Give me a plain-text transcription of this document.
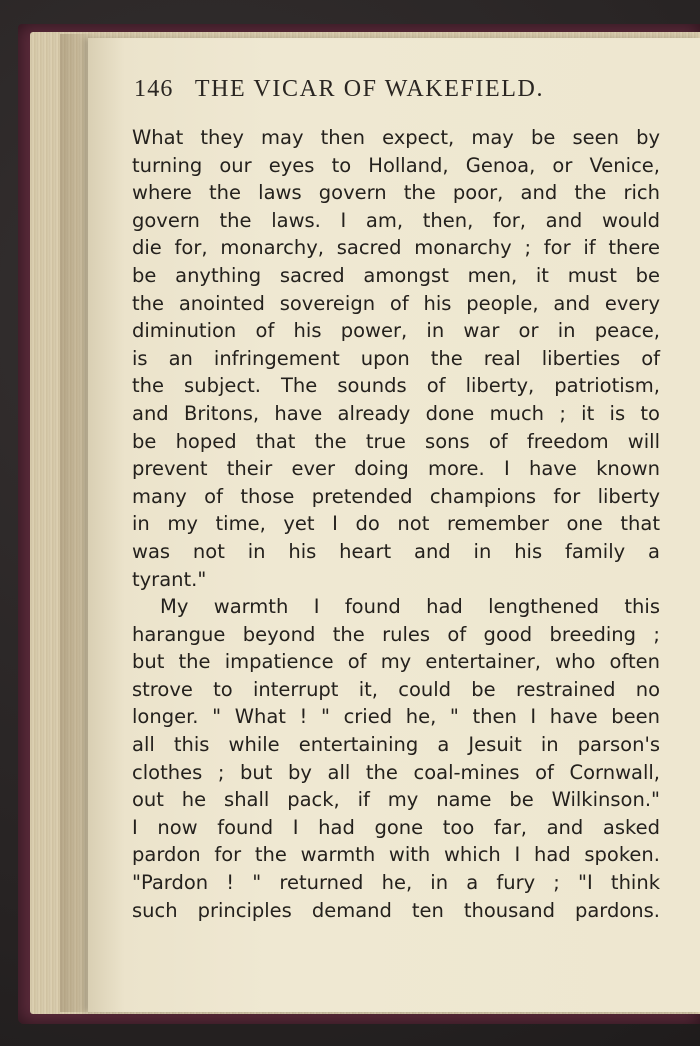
146 THE VICAR OF WAKEFIELD.
What they may then expect, may be seen by
turning our eyes to Holland, Genoa, or Venice,
where the laws govern the poor, and the rich
govern the laws. I am, then, for, and would
die for, monarchy, sacred monarchy ; for if there
be anything sacred amongst men, it must be
the anointed sovereign of his people, and every
diminution of his power, in war or in peace,
is an infringement upon the real liberties of
the subject. The sounds of liberty, patriotism,
and Britons, have already done much ; it is to
be hoped that the true sons of freedom will
prevent their ever doing more. I have known
many of those pretended champions for liberty
in my time, yet I do not remember one that
was not in his heart and in his family a
tyrant."
My warmth I found had lengthened this
harangue beyond the rules of good breeding ;
but the impatience of my entertainer, who often
strove to interrupt it, could be restrained no
longer. " What ! " cried he, " then I have been
all this while entertaining a Jesuit in parson's
clothes ; but by all the coal-mines of Cornwall,
out he shall pack, if my name be Wilkinson."
I now found I had gone too far, and asked
pardon for the warmth with which I had spoken.
"Pardon ! " returned he, in a fury ; "I think
such principles demand ten thousand pardons.
